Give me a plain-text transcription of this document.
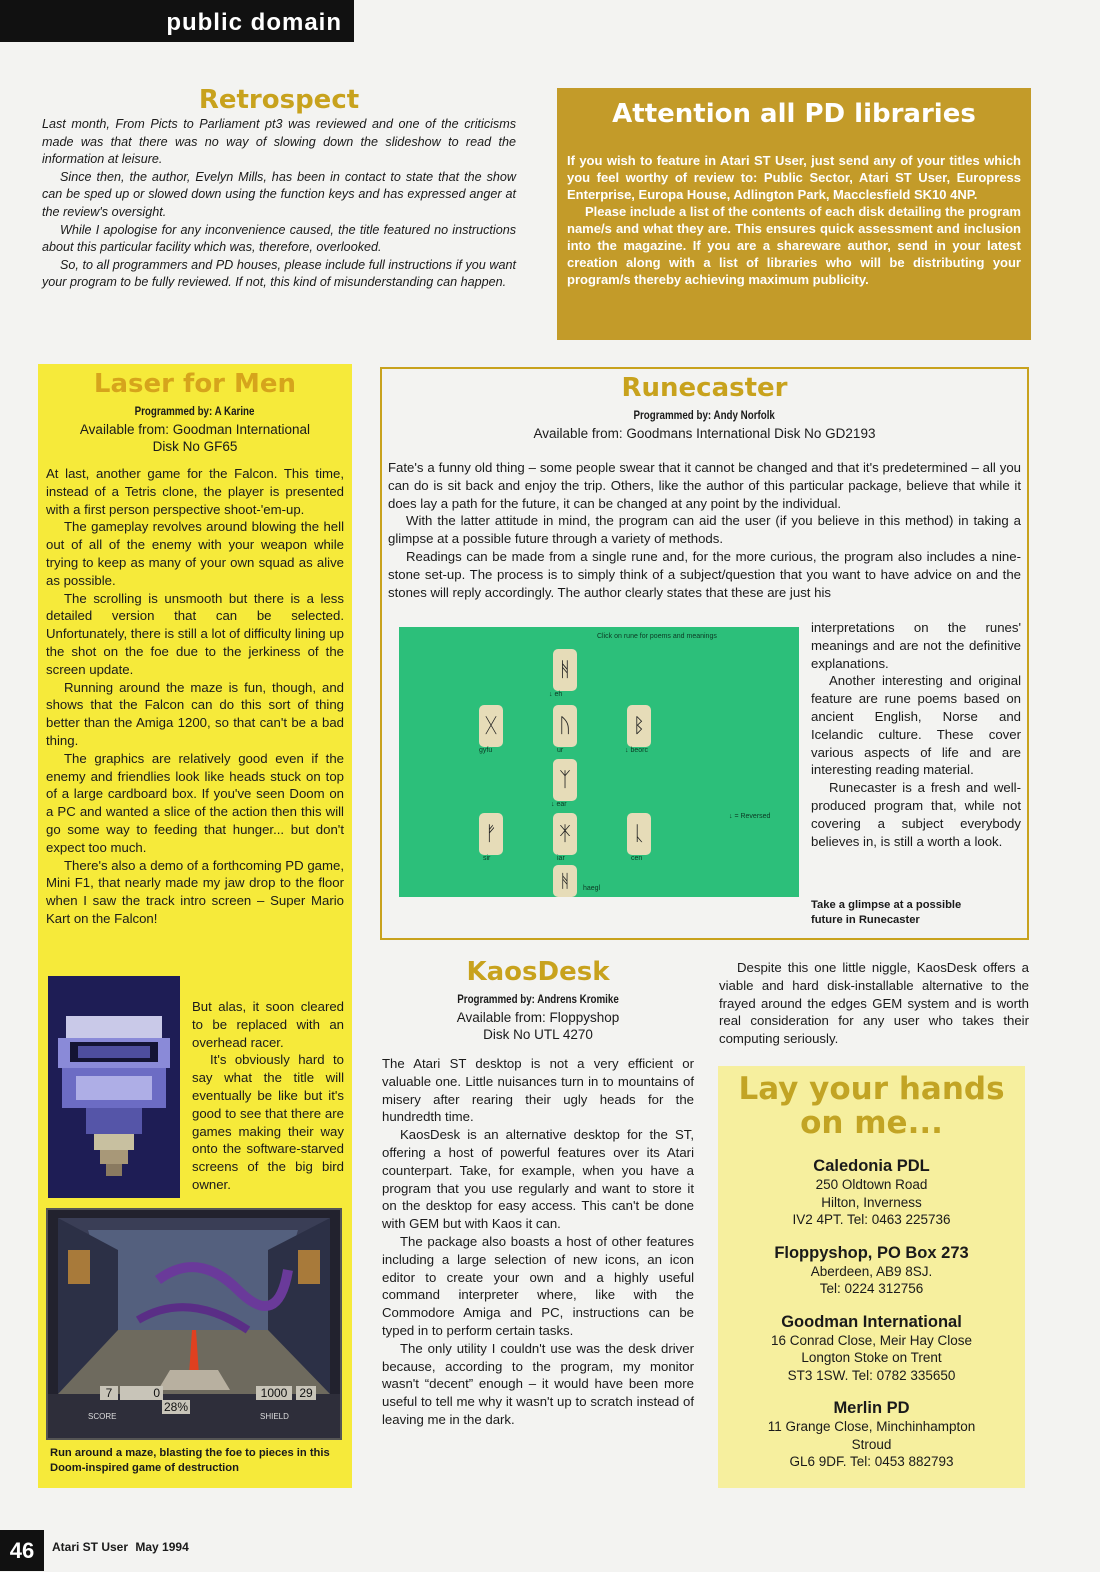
public domain
Retrospect

Last month, From Picts to Parliament pt3 was reviewed and one of the criticisms made was that there was no way of slowing down the slideshow to read the information at leisure.

Since then, the author, Evelyn Mills, has been in contact to state that the show can be sped up or slowed down using the function keys and has expressed anger at the review's oversight.

While I apologise for any inconvenience caused, the title featured no instructions about this particular facility which was, therefore, overlooked.

So, to all programmers and PD houses, please include full instructions if you want your program to be fully reviewed. If not, this kind of misunderstanding can happen.

Attention all PD libraries

If you wish to feature in Atari ST User, just send any of your titles which you feel worthy of review to: Public Sector, Atari ST User, Europress Enterprise, Europa House, Adlington Park, Macclesfield SK10 4NP.

Please include a list of the contents of each disk detailing the program name/s and what they are. This ensures quick assessment and inclusion into the magazine. If you are a shareware author, send in your latest creation along with a list of libraries who will be distributing your program/s thereby achieving maximum publicity.

Laser for Men
Programmed by: A Karine
Available from: Goodman International
Disk No GF65

At last, another game for the Falcon. This time, instead of a Tetris clone, the player is presented with a first person perspective shoot-'em-up.

The gameplay revolves around blowing the hell out of all of the enemy with your weapon while trying to keep as many of your own squad as alive as possible.

The scrolling is unsmooth but there is a less detailed version that can be selected. Unfortunately, there is still a lot of difficulty lining up the shot on the foe due to the jerkiness of the screen update.

Running around the maze is fun, though, and shows that the Falcon can do this sort of thing better than the Amiga 1200, so that can't be a bad thing.

The graphics are relatively good even if the enemy and friendlies look like heads stuck on top of a large cardboard box. If you've seen Doom on a PC and wanted a slice of the action then this will go some way to feeding that hunger... but don't expect too much.

There's also a demo of a forthcoming PD game, Mini F1, that nearly made my jaw drop to the floor when I saw the track intro screen – Super Mario Kart on the Falcon!

But alas, it soon cleared to be replaced with an overhead racer.

It's obviously hard to say what the title will eventually be like but it's good to see that there are games making their way onto the software-starved screens of the big bird owner.

7	0
SCORE
28%
1000 29
SHIELD
Run around a maze, blasting the foe to pieces in this Doom-inspired game of destruction
Runecaster
Programmed by: Andy Norfolk
Available from: Goodmans International Disk No GD2193

Fate's a funny old thing – some people swear that it cannot be changed and that it's predetermined – all you can do is sit back and enjoy the trip. Others, like the author of this particular package, believe that while it does lay a path for the future, it can be changed at any point by the individual.

With the latter attitude in mind, the program can aid the user (if you believe in this method) in taking a glimpse at a possible future through a variety of methods.

Readings can be made from a single rune and, for the more curious, the program also includes a nine-stone set-up. The process is to simply think of a subject/question that you want to have advice on and the stones will reply accordingly. The author clearly states that these are just his

Click on rune for poems and meanings
↓ = Reversed
ᚻ
↓ eh
ᚷ
gyfu
ᚢ
ur
ᛒ
↓ beorc
ᛉ
↓ ear
ᚠ
sir
ᛡ
iar
ᚳ
cen
ᚻ	haegl

interpretations on the runes' meanings and are not the definitive explanations.

Another interesting and original feature are rune poems based on ancient English, Norse and Icelandic culture. These cover various aspects of life and are interesting reading material.

Runecaster is a fresh and well-produced program that, while not covering a subject everybody believes in, is still a worth a look.

Take a glimpse at a possible future in Runecaster
KaosDesk
Programmed by: Andrens Kromike
Available from: Floppyshop
Disk No UTL 4270

The Atari ST desktop is not a very efficient or valuable one. Little nuisances turn in to mountains of misery after rearing their ugly heads for the hundredth time.

KaosDesk is an alternative desktop for the ST, offering a host of powerful features over its Atari counterpart. Take, for example, when you have a program that you use regularly and want to store it on the desktop for easy access. This can't be done with GEM but with Kaos it can.

The package also boasts a host of other features including a large selection of new icons, an icon editor to create your own and a highly useful command interpreter where, like with the Commodore Amiga and PC, instructions can be typed in to perform certain tasks.

The only utility I couldn't use was the desk driver because, according to the program, my monitor wasn't “decent” enough – it would have been more useful to tell me why it wasn't up to scratch instead of leaving me in the dark.

Despite this one little niggle, KaosDesk offers a viable and hard disk-installable alternative to the frayed around the edges GEM system and is worth real consideration for any user who takes their computing seriously.

Lay your hands
on me...
Caledonia PDL
250 Oldtown Road
Hilton, Inverness
IV2 4PT. Tel: 0463 225736
Floppyshop, PO Box 273
Aberdeen, AB9 8SJ.
Tel: 0224 312756
Goodman International
16 Conrad Close, Meir Hay Close
Longton Stoke on Trent
ST3 1SW. Tel: 0782 335650
Merlin PD
11 Grange Close, Minchinhampton
Stroud
GL6 9DF. Tel: 0453 882793
46	Atari ST User May 1994
